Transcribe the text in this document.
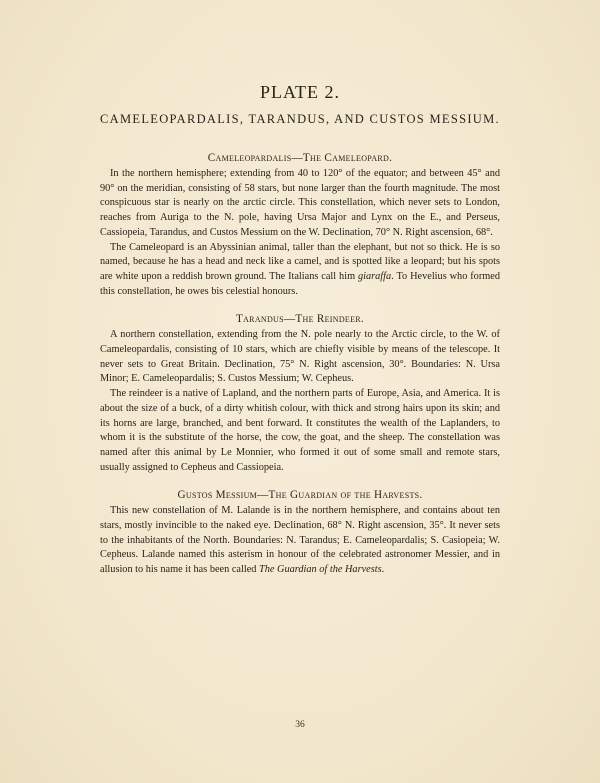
PLATE 2.
CAMELEOPARDALIS, TARANDUS, AND CUSTOS MESSIUM.
Cameleopardalis—The Cameleopard.

In the northern hemisphere; extending from 40 to 120° of the equator; and between 45° and 90° on the meridian, consisting of 58 stars, but none larger than the fourth magnitude. The most conspicuous star is nearly on the arctic circle. This constellation, which never sets to London, reaches from Auriga to the N. pole, having Ursa Major and Lynx on the E., and Perseus, Cassiopeia, Tarandus, and Custos Messium on the W. Declination, 70° N. Right ascension, 68°.

The Cameleopard is an Abyssinian animal, taller than the elephant, but not so thick. He is so named, because he has a head and neck like a camel, and is spotted like a leopard; but his spots are white upon a reddish brown ground. The Italians call him giaraffa. To Hevelius who formed this constellation, he owes bis celestial honours.

Tarandus—The Reindeer.

A northern constellation, extending from the N. pole nearly to the Arctic circle, to the W. of Cameleopardalis, consisting of 10 stars, which are chiefly visible by means of the telescope. It never sets to Great Britain. Declination, 75° N. Right ascension, 30°. Boundaries: N. Ursa Minor; E. Cameleopardalis; S. Custos Messium; W. Cepheus.

The reindeer is a native of Lapland, and the northern parts of Europe, Asia, and America. It is about the size of a buck, of a dirty whitish colour, with thick and strong hairs upon its skin; and its horns are large, branched, and bent forward. It constitutes the wealth of the Laplanders, to whom it is the substitute of the horse, the cow, the goat, and the sheep. The constellation was named after this animal by Le Monnier, who formed it out of some small and remote stars, usually assigned to Cepheus and Cassiopeia.

Gustos Messium—The Guardian of the Harvests.

This new constellation of M. Lalande is in the northern hemisphere, and contains about ten stars, mostly invincible to the naked eye. Declination, 68° N. Right ascension, 35°. It never sets to the inhabitants of the North. Boundaries: N. Tarandus; E. Cameleopardalis; S. Casiopeia; W. Cepheus. Lalande named this asterism in honour of the celebrated astronomer Messier, and in allusion to his name it has been called The Guardian of the Harvests.

36
